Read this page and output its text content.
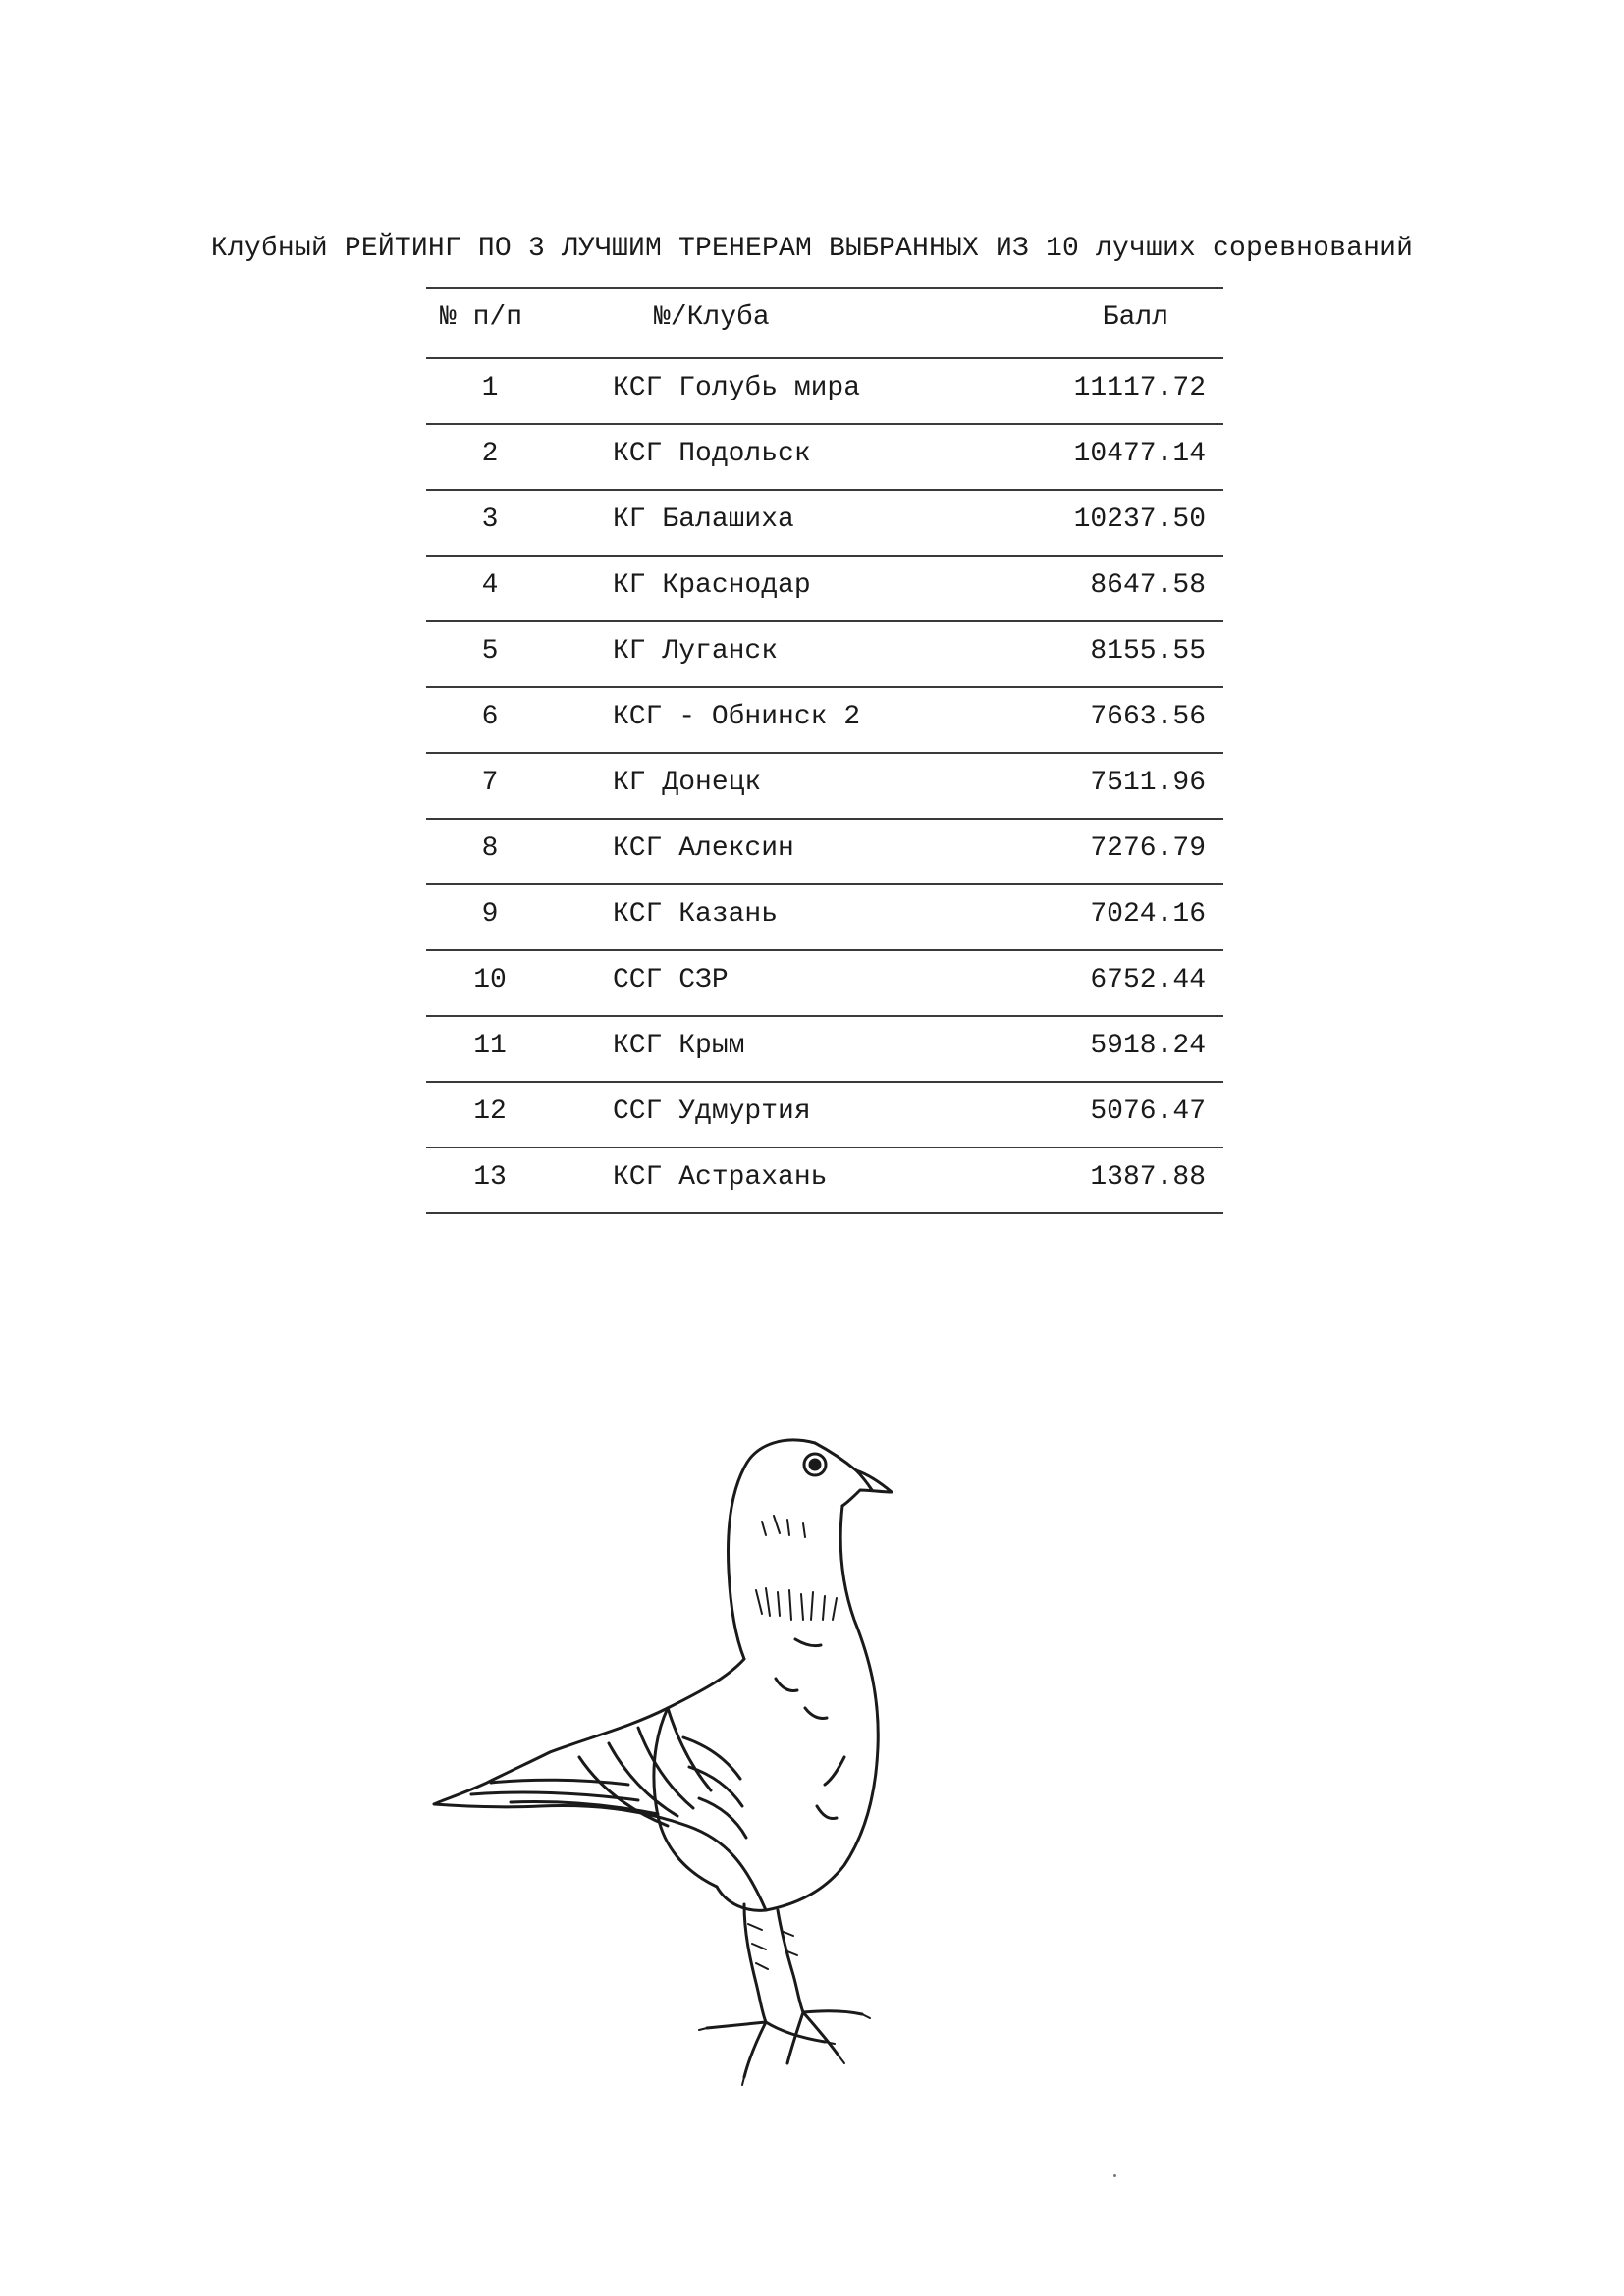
Клубный РЕЙТИНГ ПО 3 ЛУЧШИМ ТРЕНЕРАМ ВЫБРАННЫХ ИЗ 10 лучших соревнований
№ п/п	№/Клуба	Балл
1	КСГ Голубь мира	11117.72
2	КСГ Подольск	10477.14
3	КГ Балашиха	10237.50
4	КГ Краснодар	8647.58
5	КГ Луганск	8155.55
6	КСГ - Обнинск 2	7663.56
7	КГ Донецк	7511.96
8	КСГ Алексин	7276.79
9	КСГ Казань	7024.16
10	ССГ СЗР	6752.44
11	КСГ Крым	5918.24
12	ССГ Удмуртия	5076.47
13	КСГ Астрахань	1387.88
